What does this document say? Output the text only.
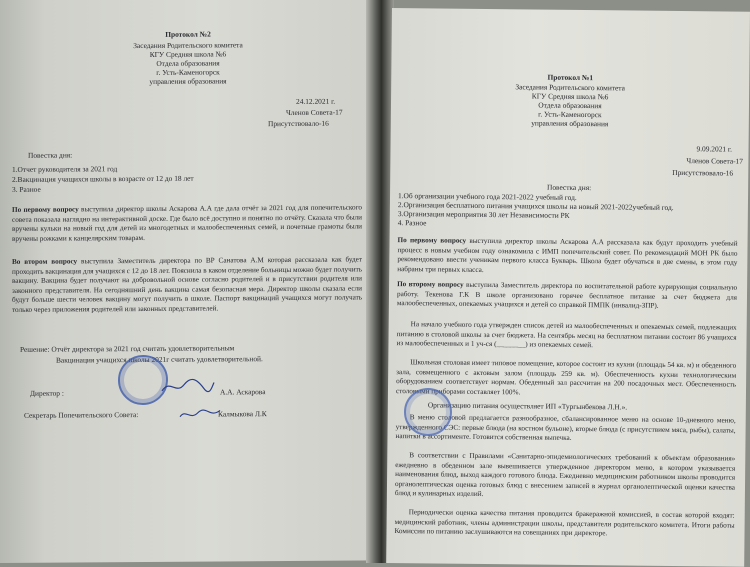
Протокол №2
Заседания Родительского комитета
КГУ Средняя школа №6
Отдела образования
г. Усть-Каменогорск
управления образования
24.12.2021 г.
Членов Совета-17
Присутствовало-16
Повестка дня:
1.Отчет руководителя за 2021 год
2.Вакцинация учащихся школы в возрасте от 12 до 18 лет
3. Разное
По первому вопросу выступила директор школы Аскарова А.А где дала отчёт за 2021 год для попечительского совета показала наглядно на интерактивной доске. Где было всё доступно и понятно по отчёту. Сказала что были вручены кульки на новый год для детей из многодетных и малообеспеченных семей, и почетные грамоты были вручены рожками к канцелярским товарам.
Во втором вопросу выступила Заместитель директора по ВР Санатова А.М которая рассказала как будет проходить вакцинация для учащихся с 12 до 18 лет. Пояснила в каком отделение больницы можно будет получить вакцину. Вакцина будет получают на добровольной основе согласно родителей и в присутствии родителя или законного представителя. На сегодняшний день вакцина самая безопасная мера. Директор школы сказала если будут больше шести человек вакцину могут получить в школе. Паспорт вакцинаций учащихся могут получать только через приложения родителей или законных представителей.
Решение: Отчёт директора за 2021 год считать удовлетворительным
Вакцинация учащихся школы 2021г считать удовлетворительной.
Директор :	А.А. Аскарова
Секретарь Попечительского Совета:	Калмыкова Л.К
Протокол №1
Заседания Родительского комитета
КГУ Средняя школа №6
Отдела образования
г. Усть-Каменогорск
управления образования
9.09.2021 г.
Членов Совета-17
Присутствовало-16
Повестка дня:
1.Об организации учебного года 2021-2022 учебный год.
2.Организация бесплатного питания учащихся школы на новый 2021-2022учебный год.
3.Организация мероприятия 30 лет Независимости РК
4. Разное
По первому вопросу выступила директор школы Аскарова А.А рассказала как будут проходить учебный процесс в новым учебном году ознакомила с ИМП попечительский совет. По рекомендаций МОН РК было рекомендовано ввести ученикам первого класса Букварь. Школа будет обучаться в две смены, в этом году набраны три первых класса.
По второму вопросу выступила Заместитель директора по воспитательной работе курирующая социальную работу. Текенова Г.К В школе организовано горячее бесплатное питание за счет бюджета для малообеспеченных, опекаемых учащихся и детей со справкой ПМПК (инвалид-ЗПР).
На начало учебного года утвержден список детей из малообеспеченных и опекаемых семей, подлежащих питанию в столовой школы за счет бюджета. На сентябрь месяц на бесплатном питании состоит 86 учащихся из малообеспеченных и 1 уч-ся (________) из опекаемых семей.
Школьная столовая имеет типовое помещение, которое состоит из кухни (площадь 54 кв. м) и обеденного зала, совмещенного с актовым залом (площадь 259 кв. м). Обеспеченность кухни технологическим оборудованием соответствует нормам. Обеденный зал рассчитан на 200 посадочных мест. Обеспеченность столовыми приборами составляет 100%.
Организацию питания осуществляет ИП «Тургынбекова Л.Н.».
В меню столовой предлагается разнообразное, сбалансированное меню на основе 10-дневного меню, утвержденного СЭС: первые блюда (на костном бульоне), вторые блюда (с присутствием мяса, рыбы), салаты, напитки в ассортименте. Готовится собственная выпечка.
В соответствии с Правилами «Санитарно-эпидемиологических требований к объектам образования» ежедневно в обеденном зале вывешивается утвержденное директором меню, в котором указывается наименования блюд, выход каждого готового блюда. Ежедневно медицинским работником школы проводится органолептическая оценка готовых блюд с внесением записей в журнал органолептической оценки качества блюд и кулинарных изделий.
Периодически оценка качества питания проводится бракеражной комиссией, в состав которой входят: медицинский работник, члены администрации школы, представители родительского комитета. Итоги работы Комиссии по питанию заслушиваются на совещаниях при директоре.
